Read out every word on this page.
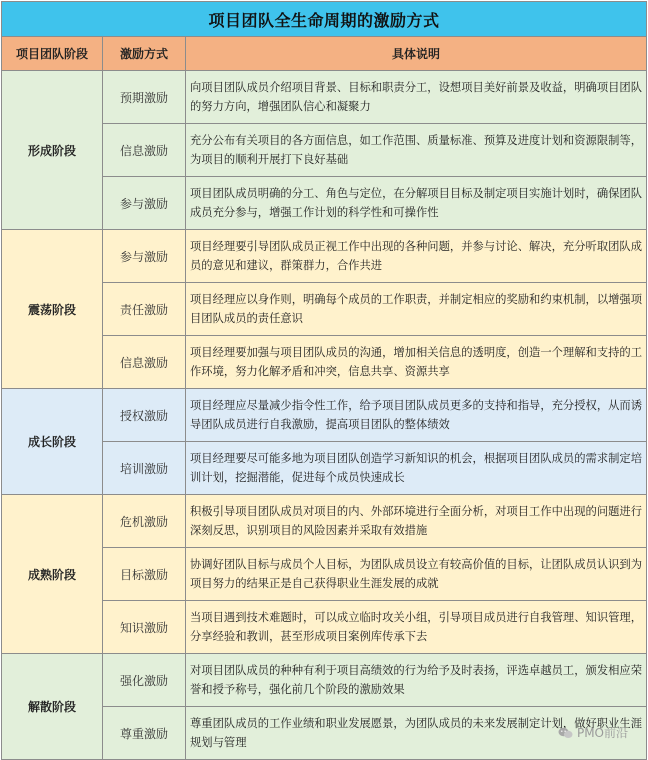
项目团队全生命周期的激励方式		
项目团队阶段	激励方式	具体说明
形成阶段	预期激励	向项目团队成员介绍项目背景、目标和职责分工，设想项目美好前景及收益，明确项目团队的努力方向，增强团队信心和凝聚力
	信息激励	充分公布有关项目的各方面信息，如工作范围、质量标准、预算及进度计划和资源限制等，为项目的顺利开展打下良好基础
	参与激励	项目团队成员明确的分工、角色与定位，在分解项目目标及制定项目实施计划时，确保团队成员充分参与，增强工作计划的科学性和可操作性
震荡阶段	参与激励	项目经理要引导团队成员正视工作中出现的各种问题，并参与讨论、解决，充分听取团队成员的意见和建议，群策群力，合作共进
	责任激励	项目经理应以身作则，明确每个成员的工作职责，并制定相应的奖励和约束机制，以增强项目团队成员的责任意识
	信息激励	项目经理要加强与项目团队成员的沟通，增加相关信息的透明度，创造一个理解和支持的工作环境，努力化解矛盾和冲突，信息共享、资源共享
成长阶段	授权激励	项目经理应尽量减少指令性工作，给予项目团队成员更多的支持和指导，充分授权，从而诱导团队成员进行自我激励，提高项目团队的整体绩效
	培训激励	项目经理要尽可能多地为项目团队创造学习新知识的机会，根据项目团队成员的需求制定培训计划，挖掘潜能，促进每个成员快速成长
成熟阶段	危机激励	积极引导项目团队成员对项目的内、外部环境进行全面分析，对项目工作中出现的问题进行深刻反思，识别项目的风险因素并采取有效措施
	目标激励	协调好团队目标与成员个人目标，为团队成员设立有较高价值的目标，让团队成员认识到为项目努力的结果正是自己获得职业生涯发展的成就
	知识激励	当项目遇到技术难题时，可以成立临时攻关小组，引导项目成员进行自我管理、知识管理，分享经验和教训，甚至形成项目案例库传承下去
解散阶段	强化激励	对项目团队成员的种种有利于项目高绩效的行为给予及时表扬，评选卓越员工，颁发相应荣誉和授予称号，强化前几个阶段的激励效果
	尊重激励	尊重团队成员的工作业绩和职业发展愿景，为团队成员的未来发展制定计划，做好职业生涯规划与管理
PMO前沿
